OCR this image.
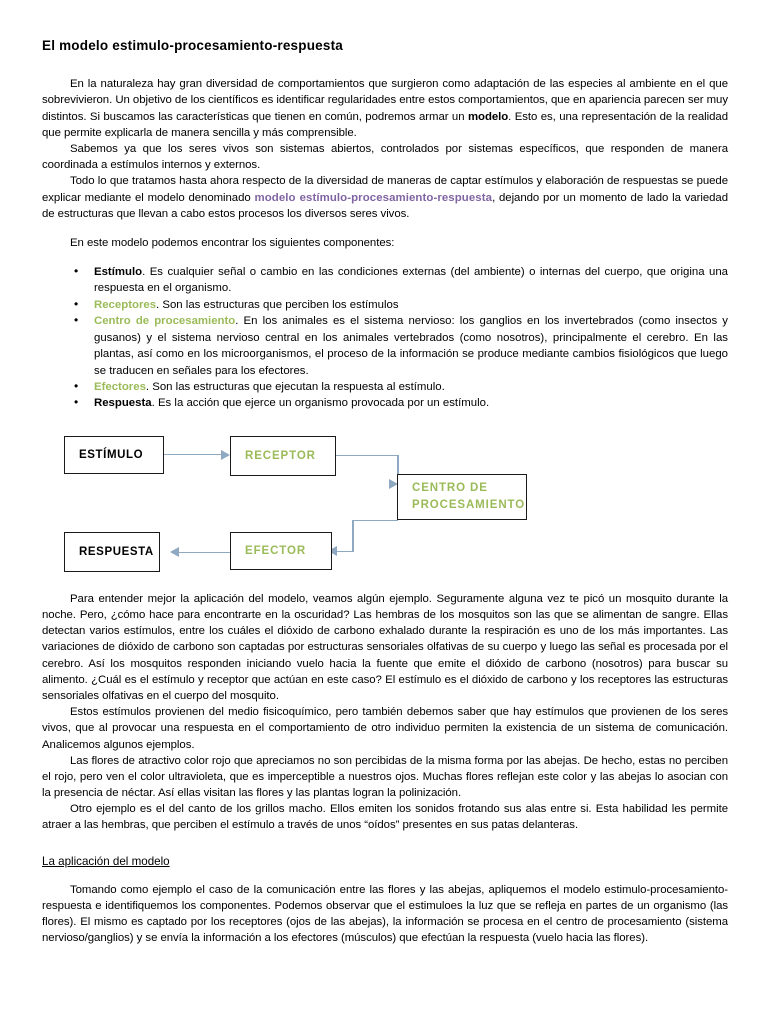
El modelo estimulo-procesamiento-respuesta

En la naturaleza hay gran diversidad de comportamientos que surgieron como adaptación de las especies al ambiente en el que sobrevivieron. Un objetivo de los científicos es identificar regularidades entre estos comportamientos, que en apariencia parecen ser muy distintos. Si buscamos las características que tienen en común, podremos armar un modelo. Esto es, una representación de la realidad que permite explicarla de manera sencilla y más comprensible.

Sabemos ya que los seres vivos son sistemas abiertos, controlados por sistemas específicos, que responden de manera coordinada a estímulos internos y externos.

Todo lo que tratamos hasta ahora respecto de la diversidad de maneras de captar estímulos y elaboración de respuestas se puede explicar mediante el modelo denominado modelo estímulo-procesamiento-respuesta, dejando por un momento de lado la variedad de estructuras que llevan a cabo estos procesos los diversos seres vivos.

En este modelo podemos encontrar los siguientes componentes:

• Estímulo. Es cualquier señal o cambio en las condiciones externas (del ambiente) o internas del cuerpo, que origina una respuesta en el organismo.
• Receptores. Son las estructuras que perciben los estímulos
• Centro de procesamiento. En los animales es el sistema nervioso: los ganglios en los invertebrados (como insectos y gusanos) y el sistema nervioso central en los animales vertebrados (como nosotros), principalmente el cerebro. En las plantas, así como en los microorganismos, el proceso de la información se produce mediante cambios fisiológicos que luego se traducen en señales para los efectores.
• Efectores. Son las estructuras que ejecutan la respuesta al estímulo.
• Respuesta. Es la acción que ejerce un organismo provocada por un estímulo.
ESTÍMULO	RECEPTOR
CENTRO DE
PROCESAMIENTO
EFECTOR
RESPUESTA

Para entender mejor la aplicación del modelo, veamos algún ejemplo. Seguramente alguna vez te picó un mosquito durante la noche. Pero, ¿cómo hace para encontrarte en la oscuridad? Las hembras de los mosquitos son las que se alimentan de sangre. Ellas detectan varios estímulos, entre los cuáles el dióxido de carbono exhalado durante la respiración es uno de los más importantes. Las variaciones de dióxido de carbono son captadas por estructuras sensoriales olfativas de su cuerpo y luego las señal es procesada por el cerebro. Así los mosquitos responden iniciando vuelo hacia la fuente que emite el dióxido de carbono (nosotros) para buscar su alimento. ¿Cuál es el estímulo y receptor que actúan en este caso? El estímulo es el dióxido de carbono y los receptores las estructuras sensoriales olfativas en el cuerpo del mosquito.

Estos estímulos provienen del medio fisicoquímico, pero también debemos saber que hay estímulos que provienen de los seres vivos, que al provocar una respuesta en el comportamiento de otro individuo permiten la existencia de un sistema de comunicación. Analicemos algunos ejemplos.

Las flores de atractivo color rojo que apreciamos no son percibidas de la misma forma por las abejas. De hecho, estas no perciben el rojo, pero ven el color ultravioleta, que es imperceptible a nuestros ojos. Muchas flores reflejan este color y las abejas lo asocian con la presencia de néctar. Así ellas visitan las flores y las plantas logran la polinización.

Otro ejemplo es el del canto de los grillos macho. Ellos emiten los sonidos frotando sus alas entre si. Esta habilidad les permite atraer a las hembras, que perciben el estímulo a través de unos “oídos” presentes en sus patas delanteras.

La aplicación del modelo

Tomando como ejemplo el caso de la comunicación entre las flores y las abejas, apliquemos el modelo estimulo-procesamiento-respuesta e identifiquemos los componentes. Podemos observar que el estimuloes la luz que se refleja en partes de un organismo (las flores). El mismo es captado por los receptores (ojos de las abejas), la información se procesa en el centro de procesamiento (sistema nervioso/ganglios) y se envía la información a los efectores (músculos) que efectúan la respuesta (vuelo hacia las flores).
